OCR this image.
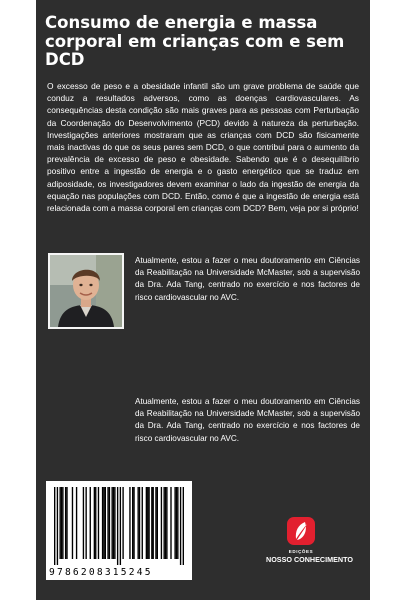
Consumo de energia e massa corporal em crianças com e sem DCD

O excesso de peso e a obesidade infantil são um grave problema de saúde que conduz a resultados adversos, como as doenças cardiovasculares. As consequências desta condição são mais graves para as pessoas com Perturbação da Coordenação do Desenvolvimento (PCD) devido à natureza da perturbação. Investigações anteriores mostraram que as crianças com DCD são fisicamente mais inactivas do que os seus pares sem DCD, o que contribui para o aumento da prevalência de excesso de peso e obesidade. Sabendo que é o desequilíbrio positivo entre a ingestão de energia e o gasto energético que se traduz em adiposidade, os investigadores devem examinar o lado da ingestão de energia da equação nas populações com DCD. Então, como é que a ingestão de energia está relacionada com a massa corporal em crianças com DCD? Bem, veja por si próprio!

Atualmente, estou a fazer o meu doutoramento em Ciências da Reabilitação na Universidade McMaster, sob a supervisão da Dra. Ada Tang, centrado no exercício e nos factores de risco cardiovascular no AVC.

Atualmente, estou a fazer o meu doutoramento em Ciências da Reabilitação na Universidade McMaster, sob a supervisão da Dra. Ada Tang, centrado no exercício e nos factores de risco cardiovascular no AVC.

9786208315245

EDIÇÕES
NOSSO CONHECIMENTO
